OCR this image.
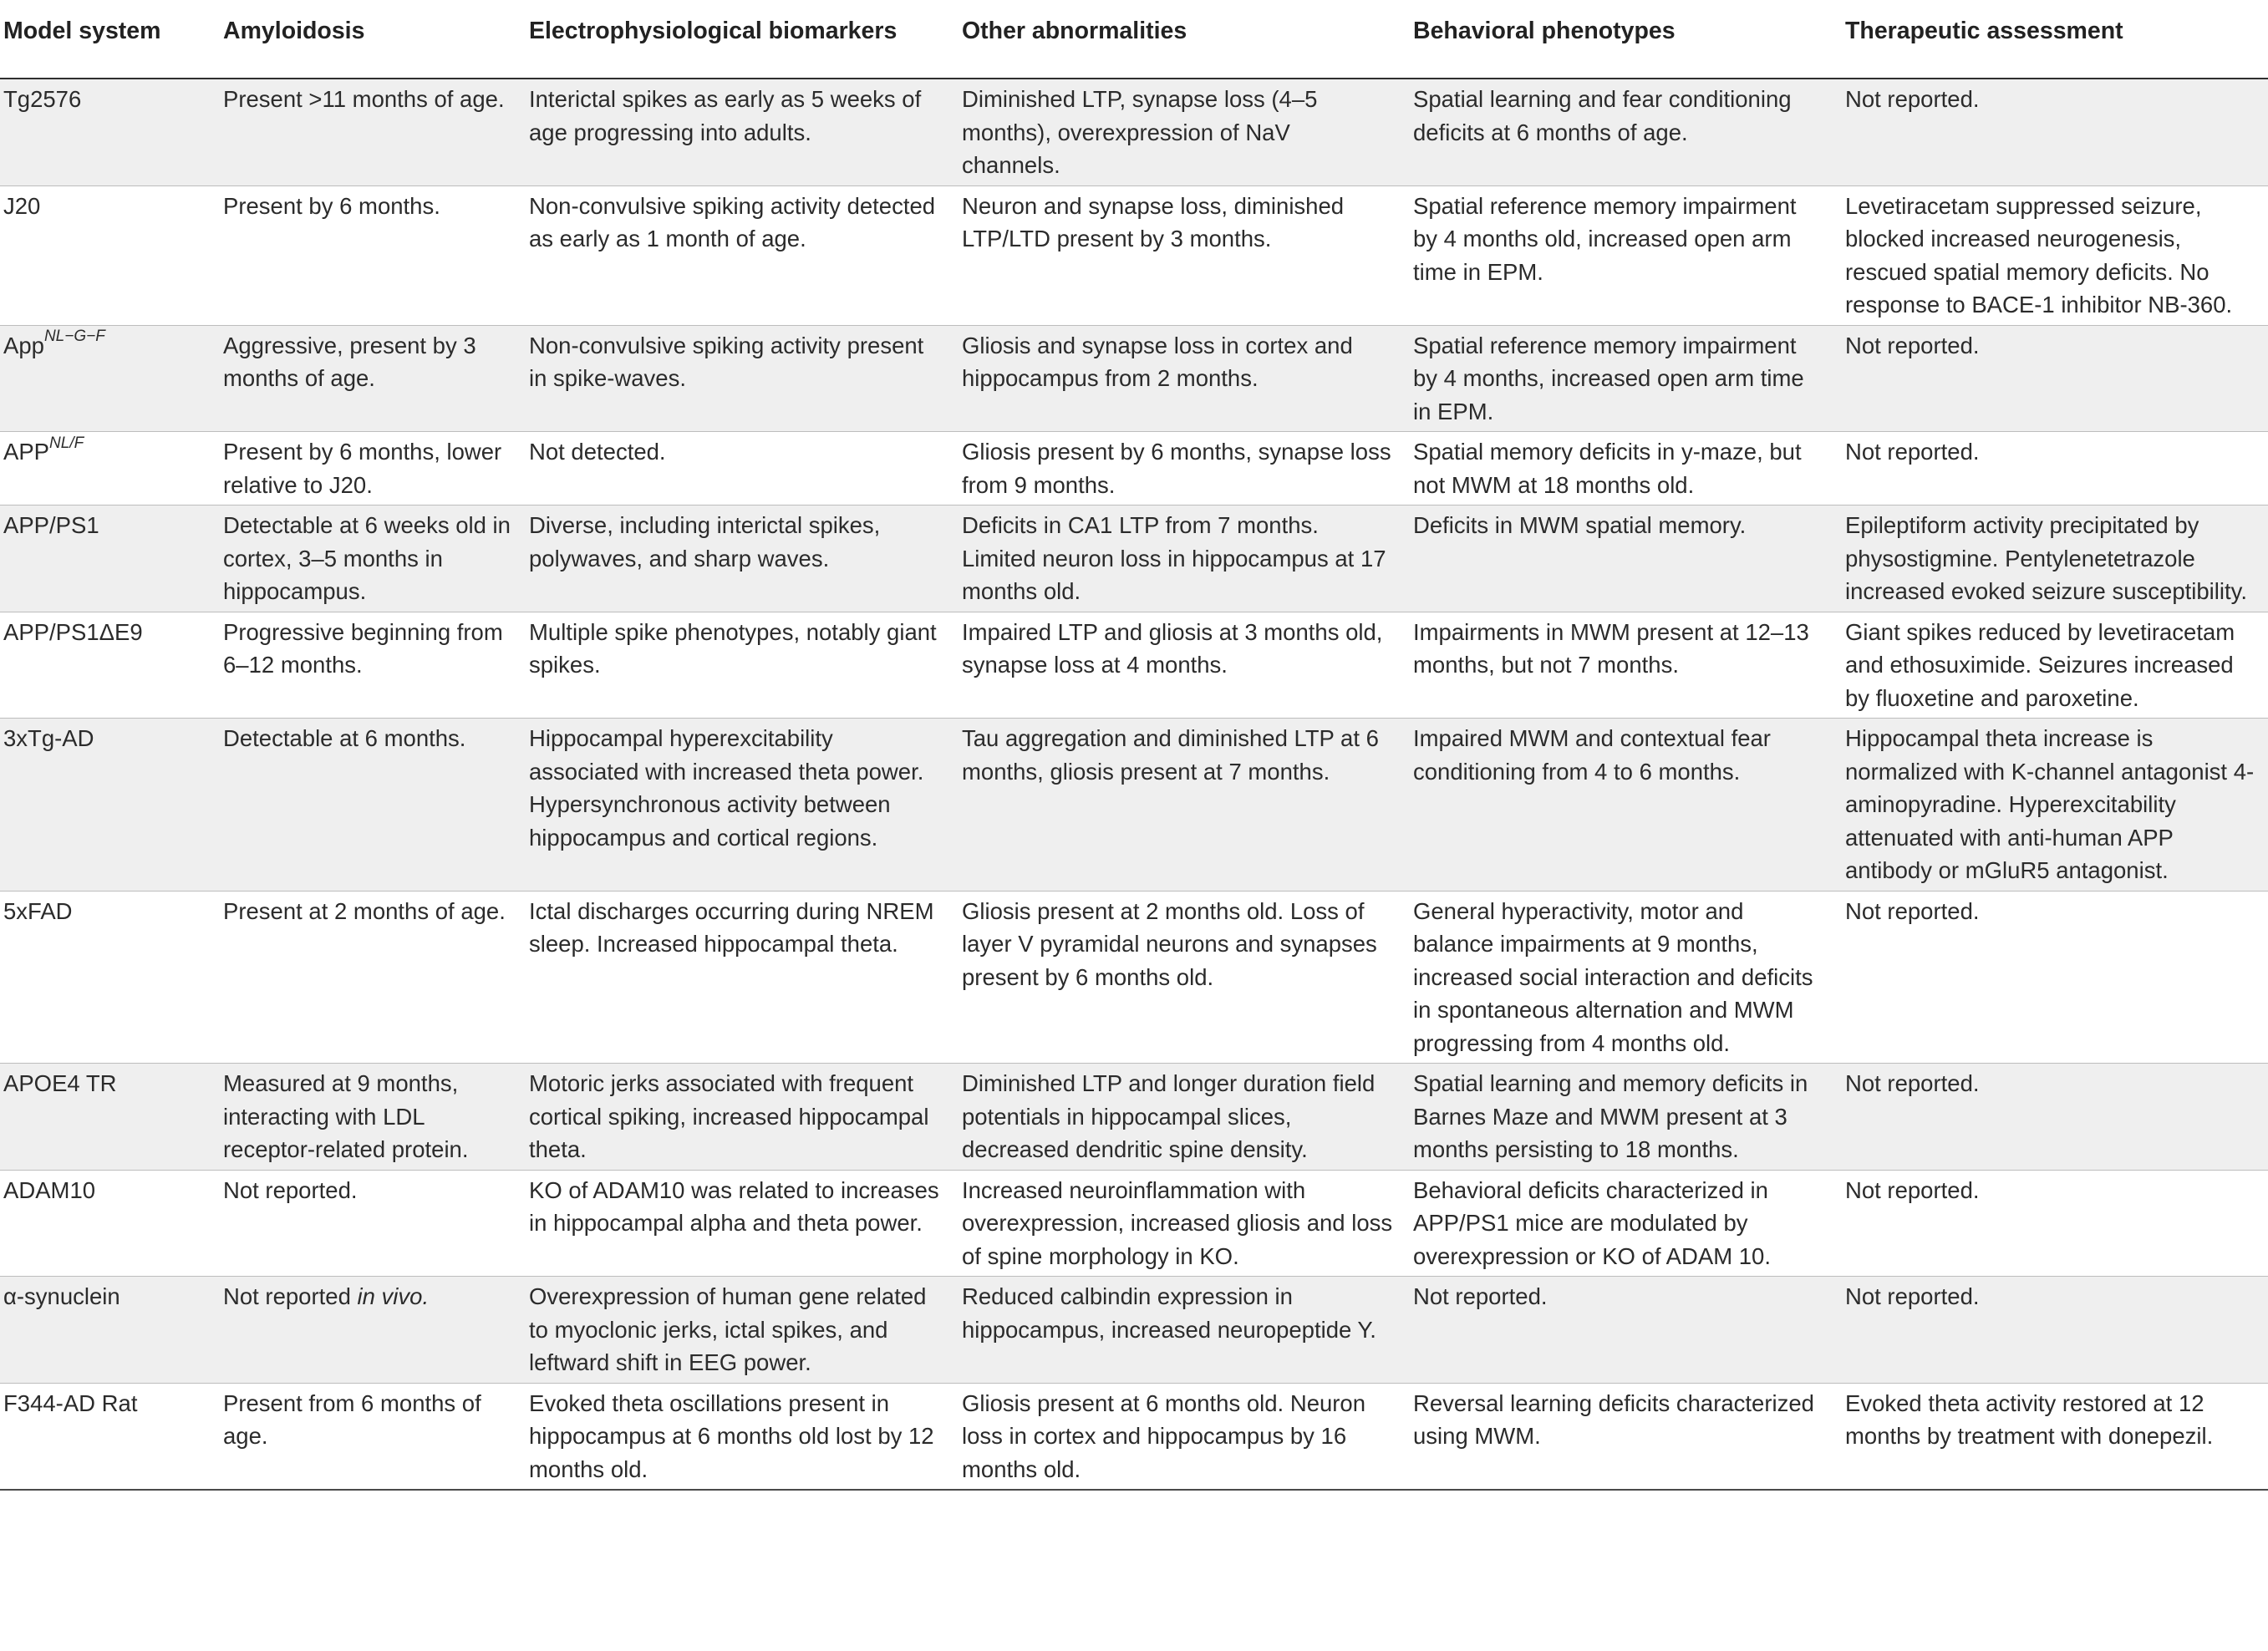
Model system	Amyloidosis	Electrophysiological biomarkers	Other abnormalities	Behavioral phenotypes	Therapeutic assessment
Tg2576	Present >11 months of age.	Interictal spikes as early as 5 weeks of age progressing into adults.	Diminished LTP, synapse loss (4–5 months), overexpression of NaV channels.	Spatial learning and fear conditioning deficits at 6 months of age.	Not reported.
J20	Present by 6 months.	Non-convulsive spiking activity detected as early as 1 month of age.	Neuron and synapse loss, diminished LTP/LTD present by 3 months.	Spatial reference memory impairment by 4 months old, increased open arm time in EPM.	Levetiracetam suppressed seizure, blocked increased neurogenesis, rescued spatial memory deficits. No response to BACE-1 inhibitor NB-360.
App$^{NL-G-F}$	Aggressive, present by 3 months of age.	Non-convulsive spiking activity present in spike-waves.	Gliosis and synapse loss in cortex and hippocampus from 2 months.	Spatial reference memory impairment by 4 months, increased open arm time in EPM.	Not reported.
$APP^{NL/F}$	Present by 6 months, lower relative to J20.	Not detected.	Gliosis present by 6 months, synapse loss from 9 months.	Spatial memory deficits in y-maze, but not MWM at 18 months old.	Not reported.
APP/PS1	Detectable at 6 weeks old in cortex, 3–5 months in hippocampus.	Diverse, including interictal spikes, polywaves, and sharp waves.	Deficits in CA1 LTP from 7 months. Limited neuron loss in hippocampus at 17 months old.	Deficits in MWM spatial memory.	Epileptiform activity precipitated by physostigmine. Pentylenetetrazole increased evoked seizure susceptibility.
APP/PS1ΔE9	Progressive beginning from 6–12 months.	Multiple spike phenotypes, notably giant spikes.	Impaired LTP and gliosis at 3 months old, synapse loss at 4 months.	Impairments in MWM present at 12–13 months, but not 7 months.	Giant spikes reduced by levetiracetam and ethosuximide. Seizures increased by fluoxetine and paroxetine.
3xTg-AD	Detectable at 6 months.	Hippocampal hyperexcitability associated with increased theta power. Hypersynchronous activity between hippocampus and cortical regions.	Tau aggregation and diminished LTP at 6 months, gliosis present at 7 months.	Impaired MWM and contextual fear conditioning from 4 to 6 months.	Hippocampal theta increase is normalized with K-channel antagonist 4-aminopyradine. Hyperexcitability attenuated with anti-human APP antibody or mGluR5 antagonist.
5xFAD	Present at 2 months of age.	Ictal discharges occurring during NREM sleep. Increased hippocampal theta.	Gliosis present at 2 months old. Loss of layer V pyramidal neurons and synapses present by 6 months old.	General hyperactivity, motor and balance impairments at 9 months, increased social interaction and deficits in spontaneous alternation and MWM progressing from 4 months old.	Not reported.
APOE4 TR	Measured at 9 months, interacting with LDL receptor-related protein.	Motoric jerks associated with frequent cortical spiking, increased hippocampal theta.	Diminished LTP and longer duration field potentials in hippocampal slices, decreased dendritic spine density.	Spatial learning and memory deficits in Barnes Maze and MWM present at 3 months persisting to 18 months.	Not reported.
ADAM10	Not reported.	KO of ADAM10 was related to increases in hippocampal alpha and theta power.	Increased neuroinflammation with overexpression, increased gliosis and loss of spine morphology in KO.	Behavioral deficits characterized in APP/PS1 mice are modulated by overexpression or KO of ADAM 10.	Not reported.
α-synuclein	Not reported in vivo.	Overexpression of human gene related to myoclonic jerks, ictal spikes, and leftward shift in EEG power.	Reduced calbindin expression in hippocampus, increased neuropeptide Y.	Not reported.	Not reported.
F344-AD Rat	Present from 6 months of age.	Evoked theta oscillations present in hippocampus at 6 months old lost by 12 months old.	Gliosis present at 6 months old. Neuron loss in cortex and hippocampus by 16 months old.	Reversal learning deficits characterized using MWM.	Evoked theta activity restored at 12 months by treatment with donepezil.
